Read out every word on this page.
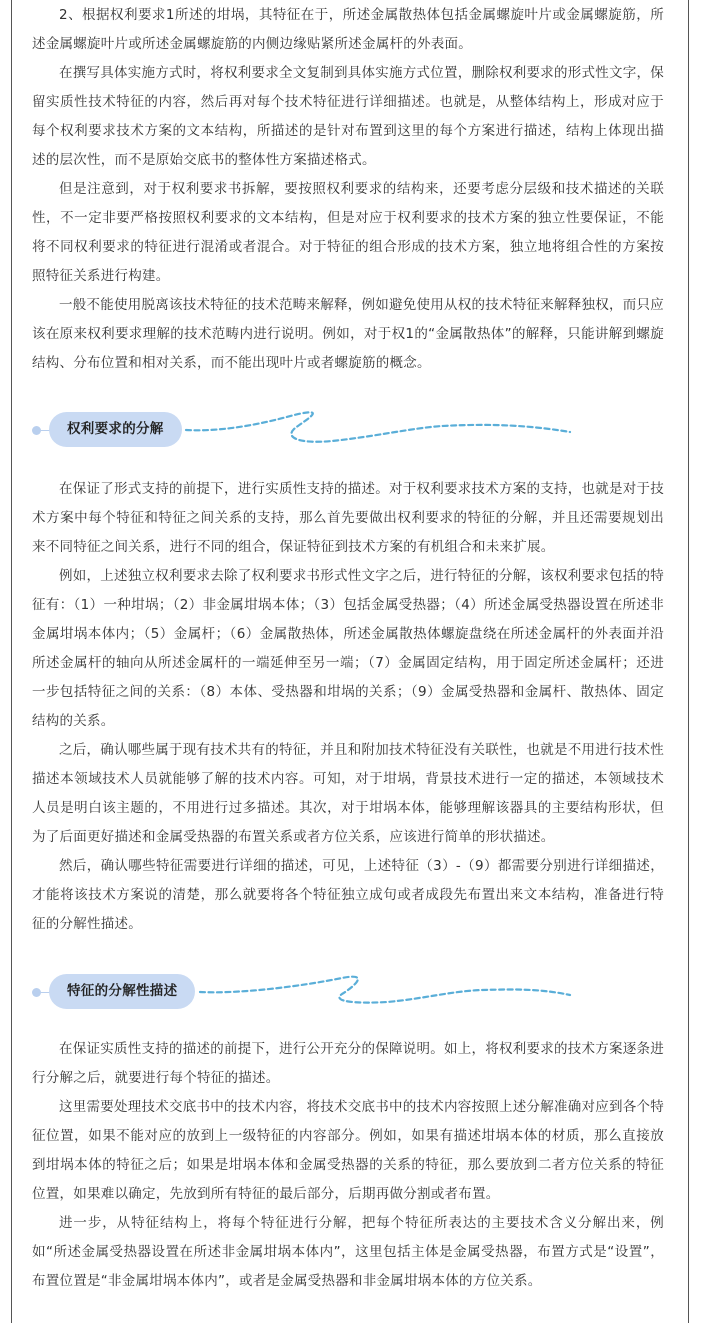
2、根据权利要求1所述的坩埚，其特征在于，所述金属散热体包括金属螺旋叶片或金属螺旋筋，所述金属螺旋叶片或所述金属螺旋筋的内侧边缘贴紧所述金属杆的外表面。

在撰写具体实施方式时，将权利要求全文复制到具体实施方式位置，删除权利要求的形式性文字，保留实质性技术特征的内容，然后再对每个技术特征进行详细描述。也就是，从整体结构上，形成对应于每个权利要求技术方案的文本结构，所描述的是针对布置到这里的每个方案进行描述，结构上体现出描述的层次性，而不是原始交底书的整体性方案描述格式。

但是注意到，对于权利要求书拆解，要按照权利要求的结构来，还要考虑分层级和技术描述的关联性，不一定非要严格按照权利要求的文本结构，但是对应于权利要求的技术方案的独立性要保证，不能将不同权利要求的特征进行混淆或者混合。对于特征的组合形成的技术方案，独立地将组合性的方案按照特征关系进行构建。

一般不能使用脱离该技术特征的技术范畴来解释，例如避免使用从权的技术特征来解释独权，而只应该在原来权利要求理解的技术范畴内进行说明。例如，对于权1的“金属散热体”的解释，只能讲解到螺旋结构、分布位置和相对关系，而不能出现叶片或者螺旋筋的概念。

权利要求的分解

在保证了形式支持的前提下，进行实质性支持的描述。对于权利要求技术方案的支持，也就是对于技术方案中每个特征和特征之间关系的支持，那么首先要做出权利要求的特征的分解，并且还需要规划出来不同特征之间关系，进行不同的组合，保证特征到技术方案的有机组合和未来扩展。

例如，上述独立权利要求去除了权利要求书形式性文字之后，进行特征的分解，该权利要求包括的特征有：（1）一种坩埚；（2）非金属坩埚本体；（3）包括金属受热器；（4）所述金属受热器设置在所述非金属坩埚本体内；（5）金属杆；（6）金属散热体，所述金属散热体螺旋盘绕在所述金属杆的外表面并沿所述金属杆的轴向从所述金属杆的一端延伸至另一端；（7）金属固定结构，用于固定所述金属杆；还进一步包括特征之间的关系：（8）本体、受热器和坩埚的关系；（9）金属受热器和金属杆、散热体、固定结构的关系。

之后，确认哪些属于现有技术共有的特征，并且和附加技术特征没有关联性，也就是不用进行技术性描述本领域技术人员就能够了解的技术内容。可知，对于坩埚，背景技术进行一定的描述，本领域技术人员是明白该主题的，不用进行过多描述。其次，对于坩埚本体，能够理解该器具的主要结构形状，但为了后面更好描述和金属受热器的布置关系或者方位关系，应该进行简单的形状描述。

然后，确认哪些特征需要进行详细的描述，可见，上述特征（3）-（9）都需要分别进行详细描述，才能将该技术方案说的清楚，那么就要将各个特征独立成句或者成段先布置出来文本结构，准备进行特征的分解性描述。

特征的分解性描述

在保证实质性支持的描述的前提下，进行公开充分的保障说明。如上，将权利要求的技术方案逐条进行分解之后，就要进行每个特征的描述。

这里需要处理技术交底书中的技术内容，将技术交底书中的技术内容按照上述分解准确对应到各个特征位置，如果不能对应的放到上一级特征的内容部分。例如，如果有描述坩埚本体的材质，那么直接放到坩埚本体的特征之后；如果是坩埚本体和金属受热器的关系的特征，那么要放到二者方位关系的特征位置，如果难以确定，先放到所有特征的最后部分，后期再做分割或者布置。

进一步，从特征结构上，将每个特征进行分解，把每个特征所表达的主要技术含义分解出来，例如“所述金属受热器设置在所述非金属坩埚本体内”，这里包括主体是金属受热器，布置方式是“设置”，布置位置是“非金属坩埚本体内”，或者是金属受热器和非金属坩埚本体的方位关系。
